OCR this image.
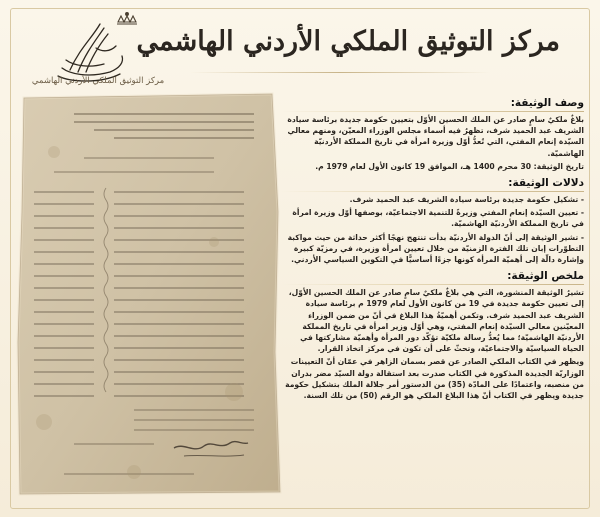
مركز التوثيق الملكي الأردني الهاشمي
مركز التوثيق الملكي الأردني الهاشمي
وصف الوثيقة:

بلاغٌ ملكيٌ سامٍ صادر عن الملك الحسين الأوّل بتعيين حكومة جديدة برئاسة سيادة الشريف عبد الحميد شرف، تظهرُ فيه أسماء مجلس الوزراء المعيّن، ومنهم معالي السيّدة إنعام المفتي، التي تُعدُّ أوّل وزيرة امرأة في تاريخ المملكة الأردنيّة الهاشميّة.

تاريخ الوثيقة: 30 محرم 1400 هـ، الموافق 19 كانون الأول لعام 1979 م.

دلالات الوثيقة:

- تشكيل حكومة جديدة برئاسة سيادة الشريف عبد الحميد شرف.

- تعيين السيّدة إنعام المفتي وزيرةً للتنمية الاجتماعيّة، بوصفها أوّل وزيرة امرأة في تاريخ المملكة الأردنيّة الهاشميّة.

- تشير الوثيقة إلى أنّ الدولة الأردنيّة بدأت تنتهج نهجًا أكثر حداثة من حيث مواكبة التطوّرات إبان تلك الفترة الزمنيّة من خلال تعيين امرأة وزيرة، في رمزيّة كبيرة وإشارة دالّة إلى أهميّة المرأة كونها جزءًا أساسيًّا في التكوين السياسي الأردني.

ملخص الوثيقة:

تشيرُ الوثيقة المنشورة، التي هي بلاغٌ ملكيٌ سامٍ صادر عن الملك الحسين الأوّل، إلى تعيين حكومة جديدة في 19 من كانون الأول لعام 1979 م برئاسة سيادة الشريف عبد الحميد شرف. وتكمن أهميّةُ هذا البلاغ في أنّ من ضمن الوزراء المعيّنين معالي السيّدة إنعام المفتي، وهي أوّل وزير امرأة في تاريخ المملكة الأردنيّة الهاشميّة؛ مما يُعدُّ رسالة ملكيّة تؤكّد دور المرأة وأهميّة مشاركتها في الحياة السياسيّة والاجتماعيّة، وتحثّ على أن تكون في مركز اتخاذ القرار.

ويظهر في الكتاب الملكي الصادر عن قصر بسمان الزاهر في عمّان أنّ التعيينات الوزاريّة الجديدة المذكورة في الكتاب صدرت بعد استقالة دولة السيّد مضر بدران من منصبه، واعتمادًا على المادّة (35) من الدستور أمر جلالة الملك بتشكيل حكومة جديدة ويظهر في الكتاب أنّ هذا البلاغ الملكي هو الرقم (50) من تلك السنة.
